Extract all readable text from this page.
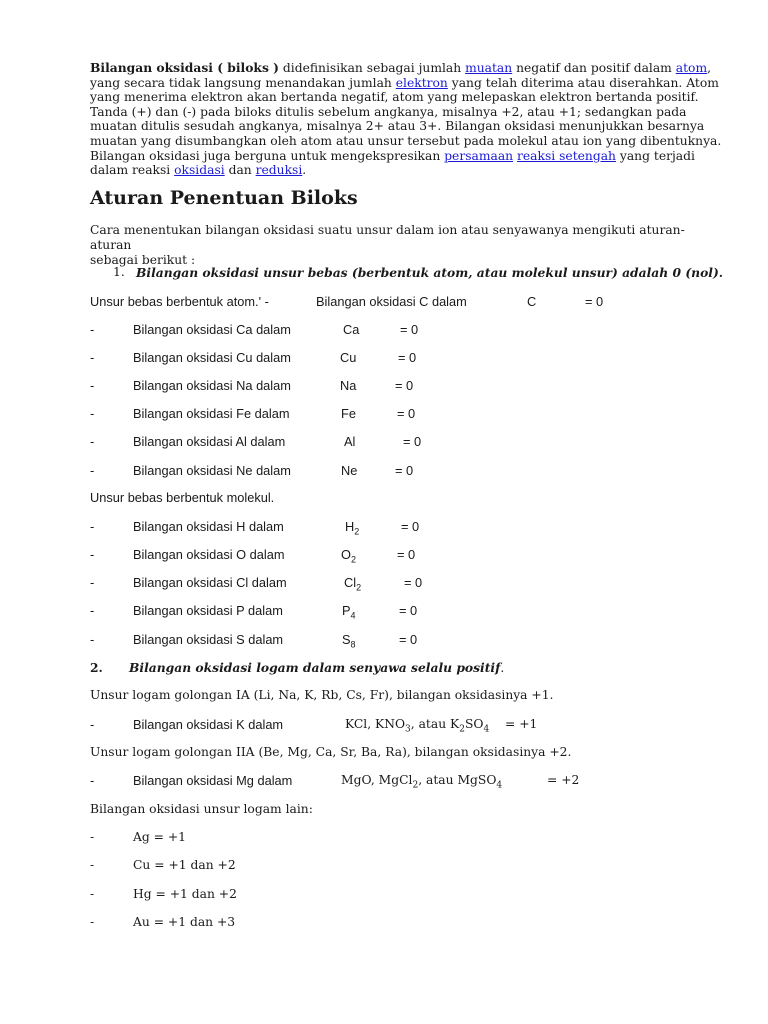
Bilangan oksidasi ( biloks ) didefinisikan sebagai jumlah muatan negatif dan positif dalam atom,
yang secara tidak langsung menandakan jumlah elektron yang telah diterima atau diserahkan. Atom
yang menerima elektron akan bertanda negatif, atom yang melepaskan elektron bertanda positif.
Tanda (+) dan (-) pada biloks ditulis sebelum angkanya, misalnya +2, atau +1; sedangkan pada
muatan ditulis sesudah angkanya, misalnya 2+ atau 3+. Bilangan oksidasi menunjukkan besarnya
muatan yang disumbangkan oleh atom atau unsur tersebut pada molekul atau ion yang dibentuknya.
Bilangan oksidasi juga berguna untuk mengekspresikan persamaan reaksi setengah yang terjadi
dalam reaksi oksidasi dan reduksi.
Aturan Penentuan Biloks
Cara menentukan bilangan oksidasi suatu unsur dalam ion atau senyawanya mengikuti aturan-aturan
sebagai berikut :
1. Bilangan oksidasi unsur bebas (berbentuk atom, atau molekul unsur) adalah 0 (nol).
Unsur bebas berbentuk atom.' -	Bilangan oksidasi C dalam	C	= 0
-	Bilangan oksidasi Ca dalam	Ca	= 0
-	Bilangan oksidasi Cu dalam	Cu	= 0
-	Bilangan oksidasi Na dalam	Na	= 0
-	Bilangan oksidasi Fe dalam	Fe	= 0
-	Bilangan oksidasi Al dalam	Al	= 0
-	Bilangan oksidasi Ne dalam	Ne	= 0
Unsur bebas berbentuk molekul.
-	Bilangan oksidasi H dalam	$H_2$	= 0
-	Bilangan oksidasi O dalam	$O_2$	= 0
-	Bilangan oksidasi Cl dalam	$Cl_2$	= 0
-	Bilangan oksidasi P dalam	$P_4$	= 0
-	Bilangan oksidasi S dalam	$S_8$	= 0
2. Bilangan oksidasi logam dalam senyawa selalu positif.
Unsur logam golongan IA (Li, Na, K, Rb, Cs, Fr), bilangan oksidasinya +1.
-	Bilangan oksidasi K dalam	KCl, $KNO_3$, atau $K_2SO_4 = +1$
Unsur logam golongan IIA (Be, Mg, Ca, Sr, Ba, Ra), bilangan oksidasinya +2.
-	Bilangan oksidasi Mg dalam	MgO, MgCl$_2$, atau MgSO$_4$	= +2
Bilangan oksidasi unsur logam lain:
-	Ag = +1
-	Cu = +1 dan +2
-	Hg = +1 dan +2
-	Au = +1 dan +3
